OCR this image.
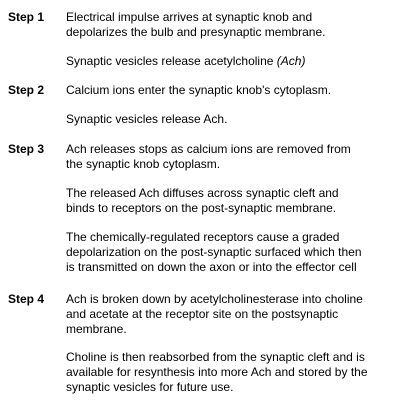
Step 1 Electrical impulse arrives at synaptic knob and
depolarizes the bulb and presynaptic membrane.
Synaptic vesicles release acetylcholine (Ach)
Step 2 Calcium ions enter the synaptic knob's cytoplasm.
Synaptic vesicles release Ach.
Step 3 Ach releases stops as calcium ions are removed from
the synaptic knob cytoplasm.
The released Ach diffuses across synaptic cleft and
binds to receptors on the post-synaptic membrane.
The chemically-regulated receptors cause a graded
depolarization on the post-synaptic surfaced which then
is transmitted on down the axon or into the effector cell
Step 4 Ach is broken down by acetylcholinesterase into choline
and acetate at the receptor site on the postsynaptic
membrane.
Choline is then reabsorbed from the synaptic cleft and is
available for resynthesis into more Ach and stored by the
synaptic vesicles for future use.
